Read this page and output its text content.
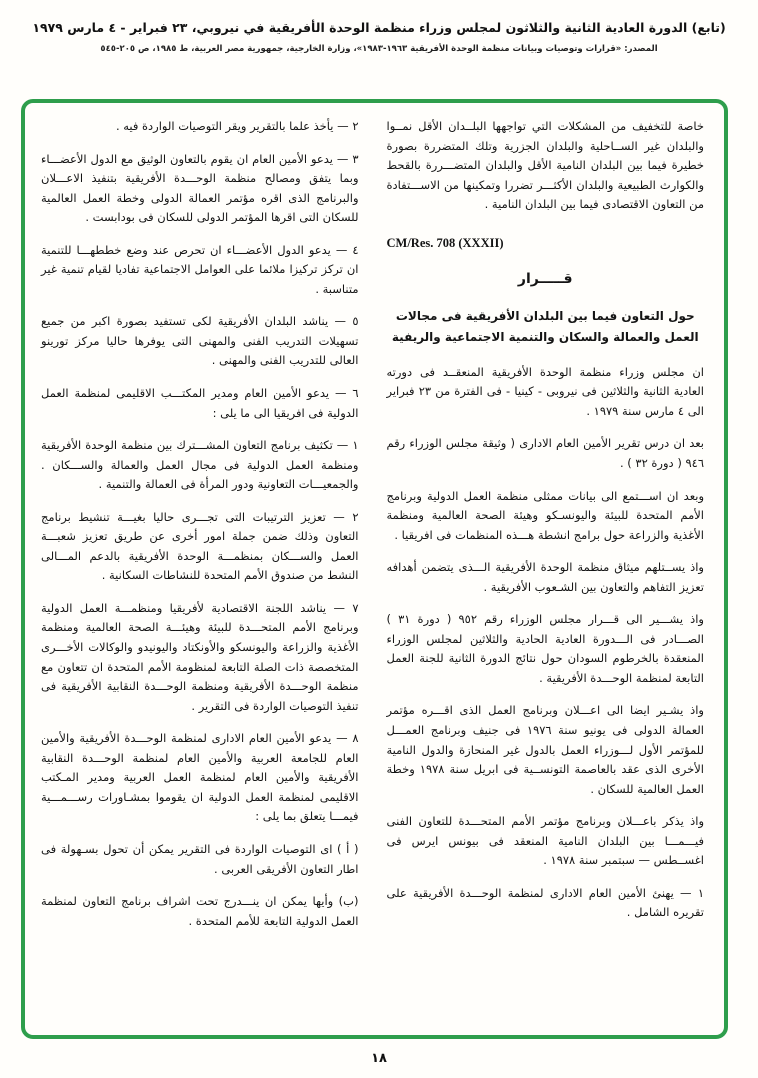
(تابع) الدورة العادية الثانية والثلاثون لمجلس وزراء منظمة الوحدة الأفريقية في نيروبي، ٢٣ فبراير - ٤ مارس ١٩٧٩
المصدر: «قرارات وتوصيات وبيانات منظمة الوحدة الأفريقية ١٩٦٣-١٩٨٣»، وزارة الخارجية، جمهورية مصر العربية، ط ١٩٨٥، ص ٢٠٥-٥٤٥

خاصة للتخفيف من المشكلات التي تواجهها البلــدان الأقل نمــوا والبلدان غير الســاحلية والبلدان الجزرية وتلك المتضررة بصورة خطيرة فيما بين البلدان النامية الأقل والبلدان المتضـــررة بالقحط والكوارث الطبيعية والبلدان الأكثـــر تضررا وتمكينها من الاســـتفادة من التعاون الاقتصادى فيما بين البلدان النامية .

CM/Res. 708 (XXXII)

قـــــرار

حول التعاون فيما بين البلدان الأفريقية فى مجالات العمل والعمالة والسكان والتنمية الاجتماعية والريفية

ان مجلس وزراء منظمة الوحدة الأفريقية المنعقــد فى دورته العادية الثانية والثلاثين فى نيروبى - كينيا - فى الفترة من ٢٣ فبراير الى ٤ مارس سنة ١٩٧٩ .

بعد ان درس تقرير الأمين العام الادارى ( وثيقة مجلس الوزراء رقم ٩٤٦ ( دورة ٣٢ ) .

وبعد ان اســـتمع الى بيانات ممثلى منظمة العمل الدولية وبرنامج الأمم المتحدة للبيئة واليونسـكو وهيئة الصحة العالمية ومنظمة الأغذية والزراعة حول برامج انشطة هـــذه المنظمات فى افريقيا .

واذ يســتلهم ميثاق منظمة الوحدة الأفريقية الـــذى يتضمن أهدافه تعزيز التفاهم والتعاون بين الشـعوب الأفريقية .

واذ يشـــير الى قـــرار مجلس الوزراء رقم ٩٥٢ ( دورة ٣١ ) الصـــادر فى الـــدورة العادية الحادية والثلاثين لمجلس الوزراء المنعقدة بالخرطوم السودان حول نتائج الدورة الثانية للجنة العمل التابعة لمنظمة الوحـــدة الأفريقية .

واذ يشـير ايضا الى اعـــلان وبرنامج العمل الذى اقـــره مؤتمر العمالة الدولى فى يونيو سنة ١٩٧٦ فى جنيف وبرنامج العمـــل للمؤتمر الأول لـــوزراء العمل بالدول غير المنحازة والدول النامية الأخرى الذى عقد بالعاصمة التونســية فى ابريل سنة ١٩٧٨ وخطة العمل العالمية للسكان .

واذ يذكر باعـــلان وبرنامج مؤتمر الأمم المتحـــدة للتعاون الفنى فيـــمـــا بين البلدان النامية المنعقد فى بيونس ايرس فى اغســطس — سبتمبر سنة ١٩٧٨ .

١ — يهنئ الأمين العام الادارى لمنظمة الوحـــدة الأفريقية على تقريره الشامل .

٢ — يأخذ علما بالتقرير ويقر التوصيات الواردة فيه .

٣ — يدعو الأمين العام ان يقوم بالتعاون الوثيق مع الدول الأعضـــاء وبما يتفق ومصالح منظمة الوحـــدة الأفريقية بتنفيذ الاعـــلان والبرنامج الذى اقره مؤتمر العمالة الدولى وخطة العمل العالمية للسكان التى اقرها المؤتمر الدولى للسكان فى بودابست .

٤ — يدعو الدول الأعضـــاء ان تحرص عند وضع خططهـــا للتنمية ان تركز تركيزا ملائما على العوامل الاجتماعية تفاديا لقيام تنمية غير متناسبة .

٥ — يناشد البلدان الأفريقية لكى تستفيد بصورة اكبر من جميع تسهيلات التدريب الفنى والمهنى التى يوفرها حاليا مركز تورينو العالى للتدريب الفنى والمهنى .

٦ — يدعو الأمين العام ومدير المكتـــب الاقليمى لمنظمة العمل الدولية فى افريقيا الى ما يلى :

١ — تكثيف برنامج التعاون المشـــترك بين منظمة الوحدة الأفريقية ومنظمة العمل الدولية فى مجال العمل والعمالة والســـكان . والجمعيـــات التعاونية ودور المرأة فى العمالة والتنمية .

٢ — تعزيز الترتيبات التى تجـــرى حاليا بغيـــة تنشيط برنامج التعاون وذلك ضمن جملة امور أخرى عن طريق تعزيز شعبـــة العمل والســـكان بمنظمـــة الوحدة الأفريقية بالدعم المـــالى النشط من صندوق الأمم المتحدة للنشاطات السكانية .

٧ — يناشد اللجنة الاقتصادية لأفريقيا ومنظمـــة العمل الدولية وبرنامج الأمم المتحـــدة للبيئة وهيئـــة الصحة العالمية ومنظمة الأغذية والزراعة واليونسكو والأونكتاد واليونيدو والوكالات الأخـــرى المتخصصة ذات الصلة التابعة لمنظومة الأمم المتحدة ان تتعاون مع منظمة الوحـــدة الأفريقية ومنظمة الوحـــدة النقابية الأفريقية فى تنفيذ التوصيات الواردة فى التقرير .

٨ — يدعو الأمين العام الادارى لمنظمة الوحـــدة الأفريقية والأمين العام للجامعة العربية والأمين العام لمنظمة الوحـــدة النقابية الأفريقية والأمين العام لمنظمة العمل العربية ومدير المـكتب الاقليمى لمنظمة العمل الدولية ان يقوموا بمشـاورات رســـمـــية فيمـــا يتعلق بما يلى :

( أ ) اى التوصيات الواردة فى التقرير يمكن أن تحول بسـهولة فى اطار التعاون الأفريقى العربى .

(ب) وأيها يمكن ان ينـــدرج تحت اشراف برنامج التعاون لمنظمة العمل الدولية التابعة للأمم المتحدة .

١٨
